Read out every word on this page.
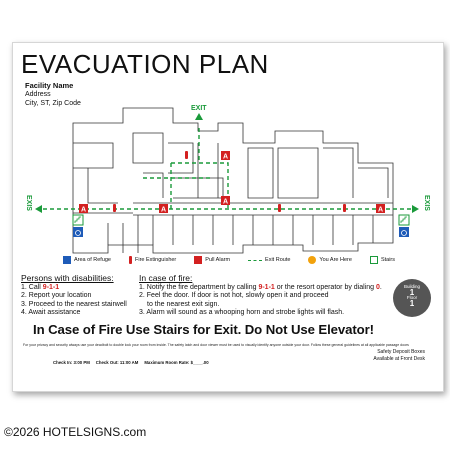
EVACUATION PLAN
Facility Name
Address
City, ST, Zip Code
EXIT
EXIS	EXIS
A	A
A
A
A
Area of Refuge	Fire Extinguisher	Pull Alarm	Exit Route	You Are Here	Stairs
Persons with disabilities:
1. Call 9-1-1
2. Report your location
3. Proceed to the nearest stairwell
4. Await assistance
In case of fire:
1. Notify the fire department by calling 9-1-1 or the resort operator by dialing 0.
2. Feel the door. If door is not hot, slowly open it and proceed
to the nearest exit sign.
3. Alarm will sound as a whooping horn and strobe lights will flash.
Building
1
Floor
1
In Case of Fire Use Stairs for Exit. Do Not Use Elevator!
For your privacy and security always use your deadbolt to double lock your room from inside. The safety latch and door viewer must be used to visually identify anyone outside your door. Follow these general guidelines at all applicable passage doors
Check In: 3:00 PM Check Out: 11:00 AM Maximum Room Rate: $____.00
Safety Deposit Boxes
Available at Front Desk
©2026 HOTELSIGNS.com
